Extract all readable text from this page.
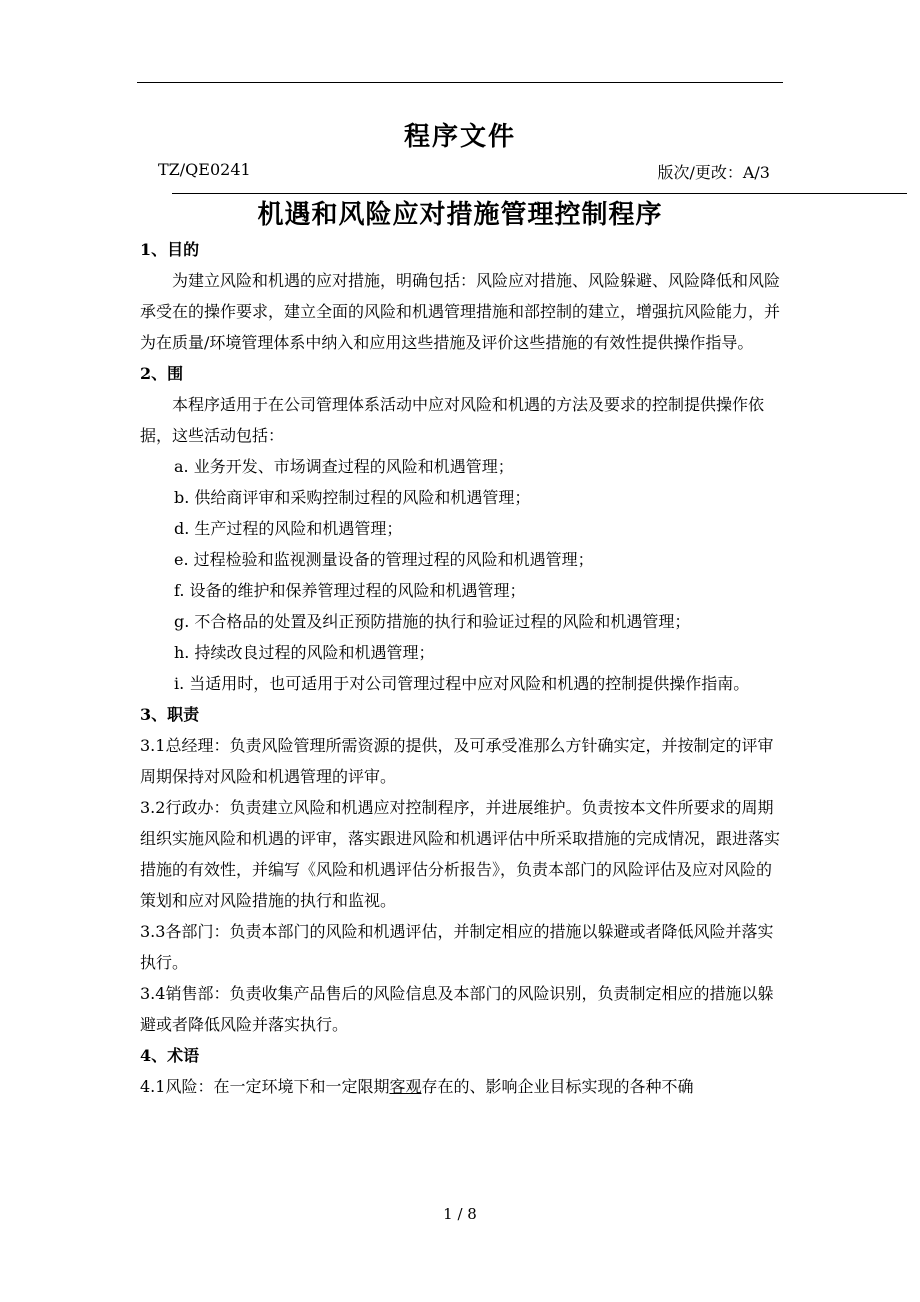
程序文件
TZ/QE0241	版次/更改：A/3
机遇和风险应对措施管理控制程序

1、目的

为建立风险和机遇的应对措施，明确包括：风险应对措施、风险躲避、风险降低和风险承受在的操作要求，建立全面的风险和机遇管理措施和部控制的建立，增强抗风险能力，并为在质量/环境管理体系中纳入和应用这些措施及评价这些措施的有效性提供操作指导。

2、围

本程序适用于在公司管理体系活动中应对风险和机遇的方法及要求的控制提供操作依据，这些活动包括：

a. 业务开发、市场调查过程的风险和机遇管理；

b. 供给商评审和采购控制过程的风险和机遇管理；

d. 生产过程的风险和机遇管理；

e. 过程检验和监视测量设备的管理过程的风险和机遇管理；

f. 设备的维护和保养管理过程的风险和机遇管理；

g. 不合格品的处置及纠正预防措施的执行和验证过程的风险和机遇管理；

h. 持续改良过程的风险和机遇管理；

i. 当适用时，也可适用于对公司管理过程中应对风险和机遇的控制提供操作指南。

3、职责

3.1总经理：负责风险管理所需资源的提供，及可承受准那么方针确实定，并按制定的评审周期保持对风险和机遇管理的评审。

3.2行政办：负责建立风险和机遇应对控制程序，并进展维护。负责按本文件所要求的周期组织实施风险和机遇的评审，落实跟进风险和机遇评估中所采取措施的完成情况，跟进落实措施的有效性，并编写《风险和机遇评估分析报告》，负责本部门的风险评估及应对风险的策划和应对风险措施的执行和监视。

3.3各部门：负责本部门的风险和机遇评估，并制定相应的措施以躲避或者降低风险并落实执行。

3.4销售部：负责收集产品售后的风险信息及本部门的风险识别，负责制定相应的措施以躲避或者降低风险并落实执行。

4、术语

4.1风险：在一定环境下和一定限期客观存在的、影响企业目标实现的各种不确

1 / 8
